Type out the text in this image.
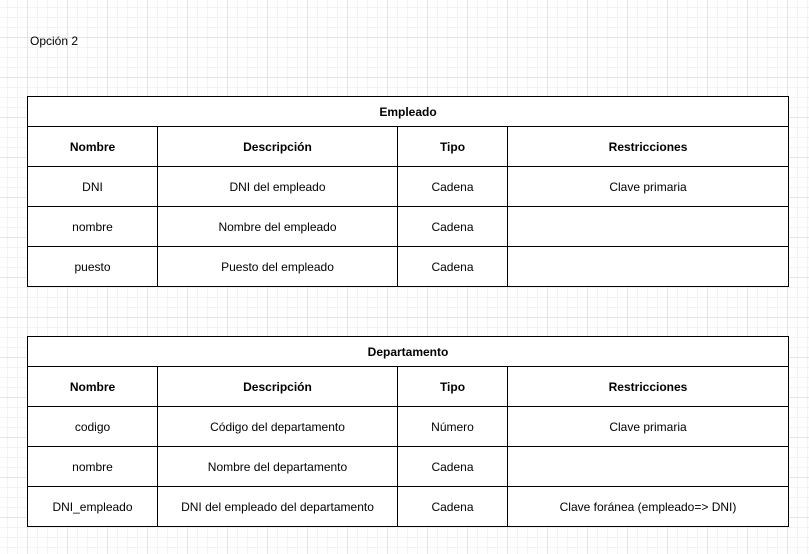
Opción 2
Empleado			
Nombre	Descripción	Tipo	Restricciones
DNI	DNI del empleado	Cadena	Clave primaria
nombre	Nombre del empleado	Cadena	
puesto	Puesto del empleado	Cadena	
Departamento			
Nombre	Descripción	Tipo	Restricciones
codigo	Código del departamento	Número	Clave primaria
nombre	Nombre del departamento	Cadena	
DNI_empleado	DNI del empleado del departamento	Cadena	Clave foránea (empleado=> DNI)
